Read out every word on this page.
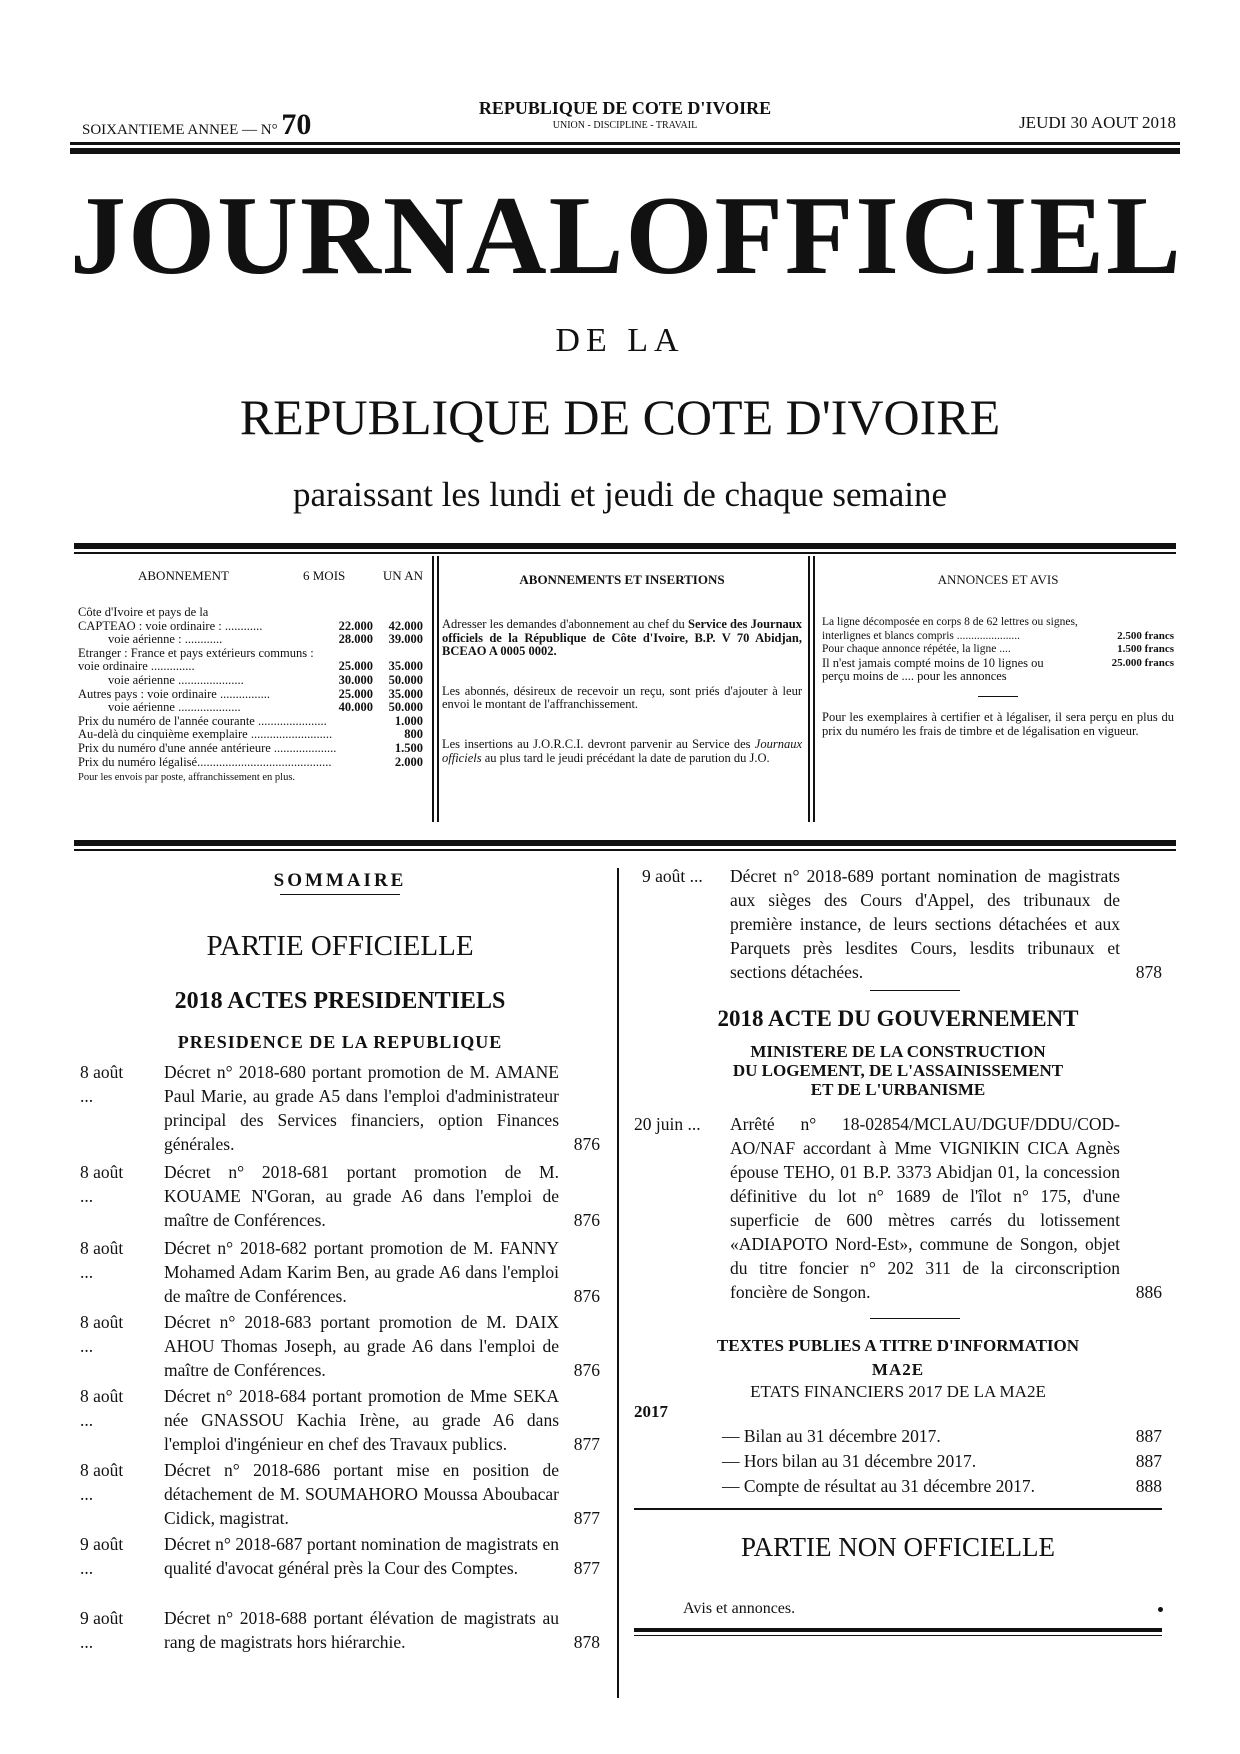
SOIXANTIEME ANNEE — N° 70	REPUBLIQUE DE COTE D'IVOIRE
UNION - DISCIPLINE - TRAVAIL	JEUDI 30 AOUT 2018
JOURNAL OFFICIEL
DE LA
REPUBLIQUE DE COTE D'IVOIRE
paraissant les lundi et jeudi de chaque semaine
ABONNEMENT	6 MOIS	UN AN
Côte d'Ivoire et pays de la
CAPTEAO : voie ordinaire : ............	22.000	42.000
voie aérienne : ............	28.000	39.000
Etranger : France et pays extérieurs communs : voie ordinaire ..............	25.000	35.000
voie aérienne .....................	30.000	50.000
Autres pays : voie ordinaire ................	25.000	35.000
voie aérienne ....................	40.000	50.000
Prix du numéro de l'année courante ......................	1.000
Au-delà du cinquième exemplaire ..........................	800
Prix du numéro d'une année antérieure ....................	1.500
Prix du numéro légalisé...........................................	2.000
Pour les envois par poste, affranchissement en plus.
ABONNEMENTS ET INSERTIONS
Adresser les demandes d'abonnement au chef du Service des Journaux officiels de la République de Côte d'Ivoire, B.P. V 70 Abidjan, BCEAO A 0005 0002.
Les abonnés, désireux de recevoir un reçu, sont priés d'ajouter à leur envoi le montant de l'affranchissement.
Les insertions au J.O.R.C.I. devront parvenir au Service des Journaux officiels au plus tard le jeudi précédant la date de parution du J.O.
ANNONCES ET AVIS
La ligne décomposée en corps 8 de 62 lettres ou signes, interlignes et blancs compris ......................	2.500 francs
Pour chaque annonce répétée, la ligne ....	1.500 francs
Il n'est jamais compté moins de 10 lignes ou perçu moins de .... pour les annonces
25.000 francs
Pour les exemplaires à certifier et à légaliser, il sera perçu en plus du prix du numéro les frais de timbre et de légalisation en vigueur.
SOMMAIRE
PARTIE OFFICIELLE
2018 ACTES PRESIDENTIELS
PRESIDENCE DE LA REPUBLIQUE
8 août ...
Décret n° 2018-680 portant promotion de M. AMANE Paul Marie, au grade A5 dans l'emploi d'administrateur principal des Services financiers, option Finances générales.	876
8 août ...
Décret n° 2018-681 portant promotion de M. KOUAME N'Goran, au grade A6 dans l'emploi de maître de Conférences.	876
8 août ...
Décret n° 2018-682 portant promotion de M. FANNY Mohamed Adam Karim Ben, au grade A6 dans l'emploi de maître de Conférences.	876
8 août ...
Décret n° 2018-683 portant promotion de M. DAIX AHOU Thomas Joseph, au grade A6 dans l'emploi de maître de Conférences.	876
8 août ...
Décret n° 2018-684 portant promotion de Mme SEKA née GNASSOU Kachia Irène, au grade A6 dans l'emploi d'ingénieur en chef des Travaux publics.	877
8 août ...
Décret n° 2018-686 portant mise en position de détachement de M. SOUMAHORO Moussa Aboubacar Cidick, magistrat.	877
9 août ...
Décret n° 2018-687 portant nomination de magistrats en qualité d'avocat général près la Cour des Comptes.	877
9 août ...
Décret n° 2018-688 portant élévation de magistrats au rang de magistrats hors hiérarchie.	878
9 août ... Décret n° 2018-689 portant nomination de magistrats aux sièges des Cours d'Appel, des tribunaux de première instance, de leurs sections détachées et aux Parquets près lesdites Cours, lesdits tribunaux et sections détachées.	878
2018 ACTE DU GOUVERNEMENT
MINISTERE DE LA CONSTRUCTION
DU LOGEMENT, DE L'ASSAINISSEMENT
ET DE L'URBANISME
20 juin ... Arrêté n° 18-02854/MCLAU/DGUF/DDU/COD-AO/NAF accordant à Mme VIGNIKIN CICA Agnès épouse TEHO, 01 B.P. 3373 Abidjan 01, la concession définitive du lot n° 1689 de l'îlot n° 175, d'une superficie de 600 mètres carrés du lotissement «ADIAPOTO Nord-Est», commune de Songon, objet du titre foncier n° 202 311 de la circonscription foncière de Songon.	886
TEXTES PUBLIES A TITRE D'INFORMATION
MA2E
ETATS FINANCIERS 2017 DE LA MA2E
2017
— Bilan au 31 décembre 2017.	887
— Hors bilan au 31 décembre 2017.	887
— Compte de résultat au 31 décembre 2017.	888
PARTIE NON OFFICIELLE
Avis et annonces.
